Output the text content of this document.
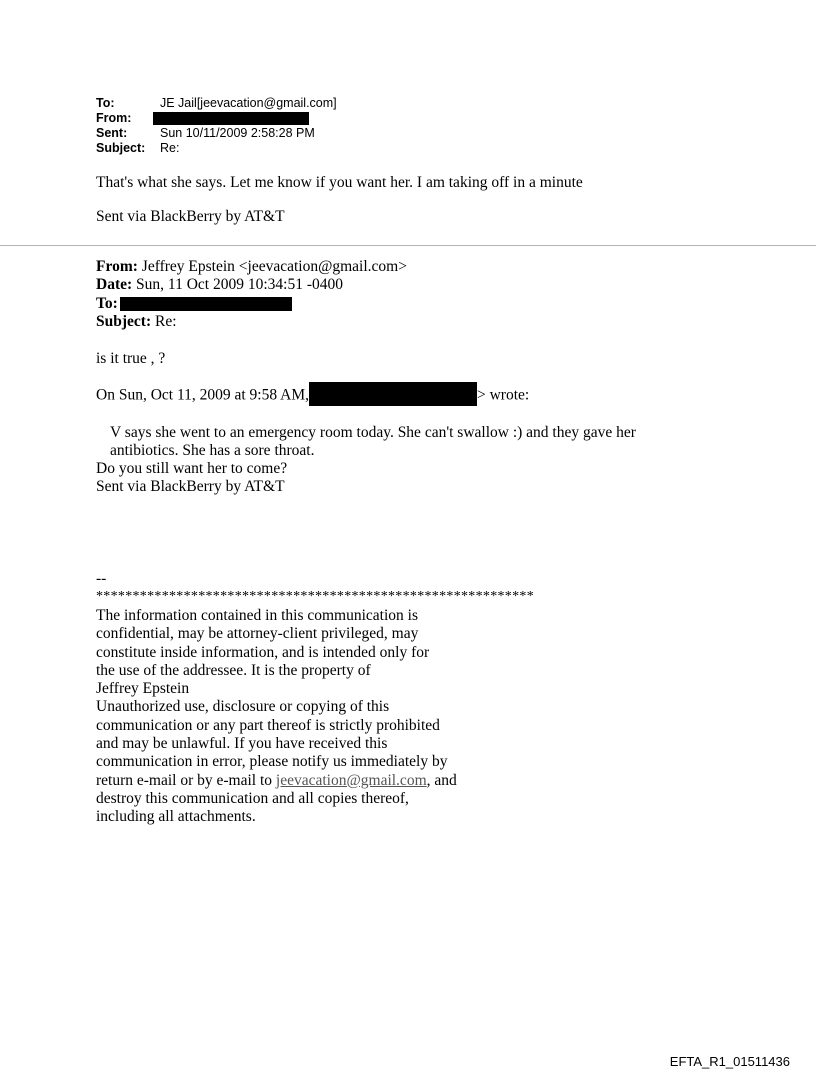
To:	JE Jail[jeevacation@gmail.com]
From:
Sent:	Sun 10/11/2009 2:58:28 PM
Subject:	Re:
That's what she says. Let me know if you want her. I am taking off in a minute
Sent via BlackBerry by AT&T
From: Jeffrey Epstein <jeevacation@gmail.com>
Date: Sun, 11 Oct 2009 10:34:51 -0400
To:
Subject: Re:
is it true , ?
On Sun, Oct 11, 2009 at 9:58 AM,	> wrote:
V says she went to an emergency room today. She can't swallow :) and they gave her
antibiotics. She has a sore throat.
Do you still want her to come?
Sent via BlackBerry by AT&T
--
************************************************************
The information contained in this communication is
confidential, may be attorney-client privileged, may
constitute inside information, and is intended only for
the use of the addressee. It is the property of
Jeffrey Epstein
Unauthorized use, disclosure or copying of this
communication or any part thereof is strictly prohibited
and may be unlawful. If you have received this
communication in error, please notify us immediately by
return e-mail or by e-mail to jeevacation@gmail.com, and
destroy this communication and all copies thereof,
including all attachments.
EFTA_R1_01511436
